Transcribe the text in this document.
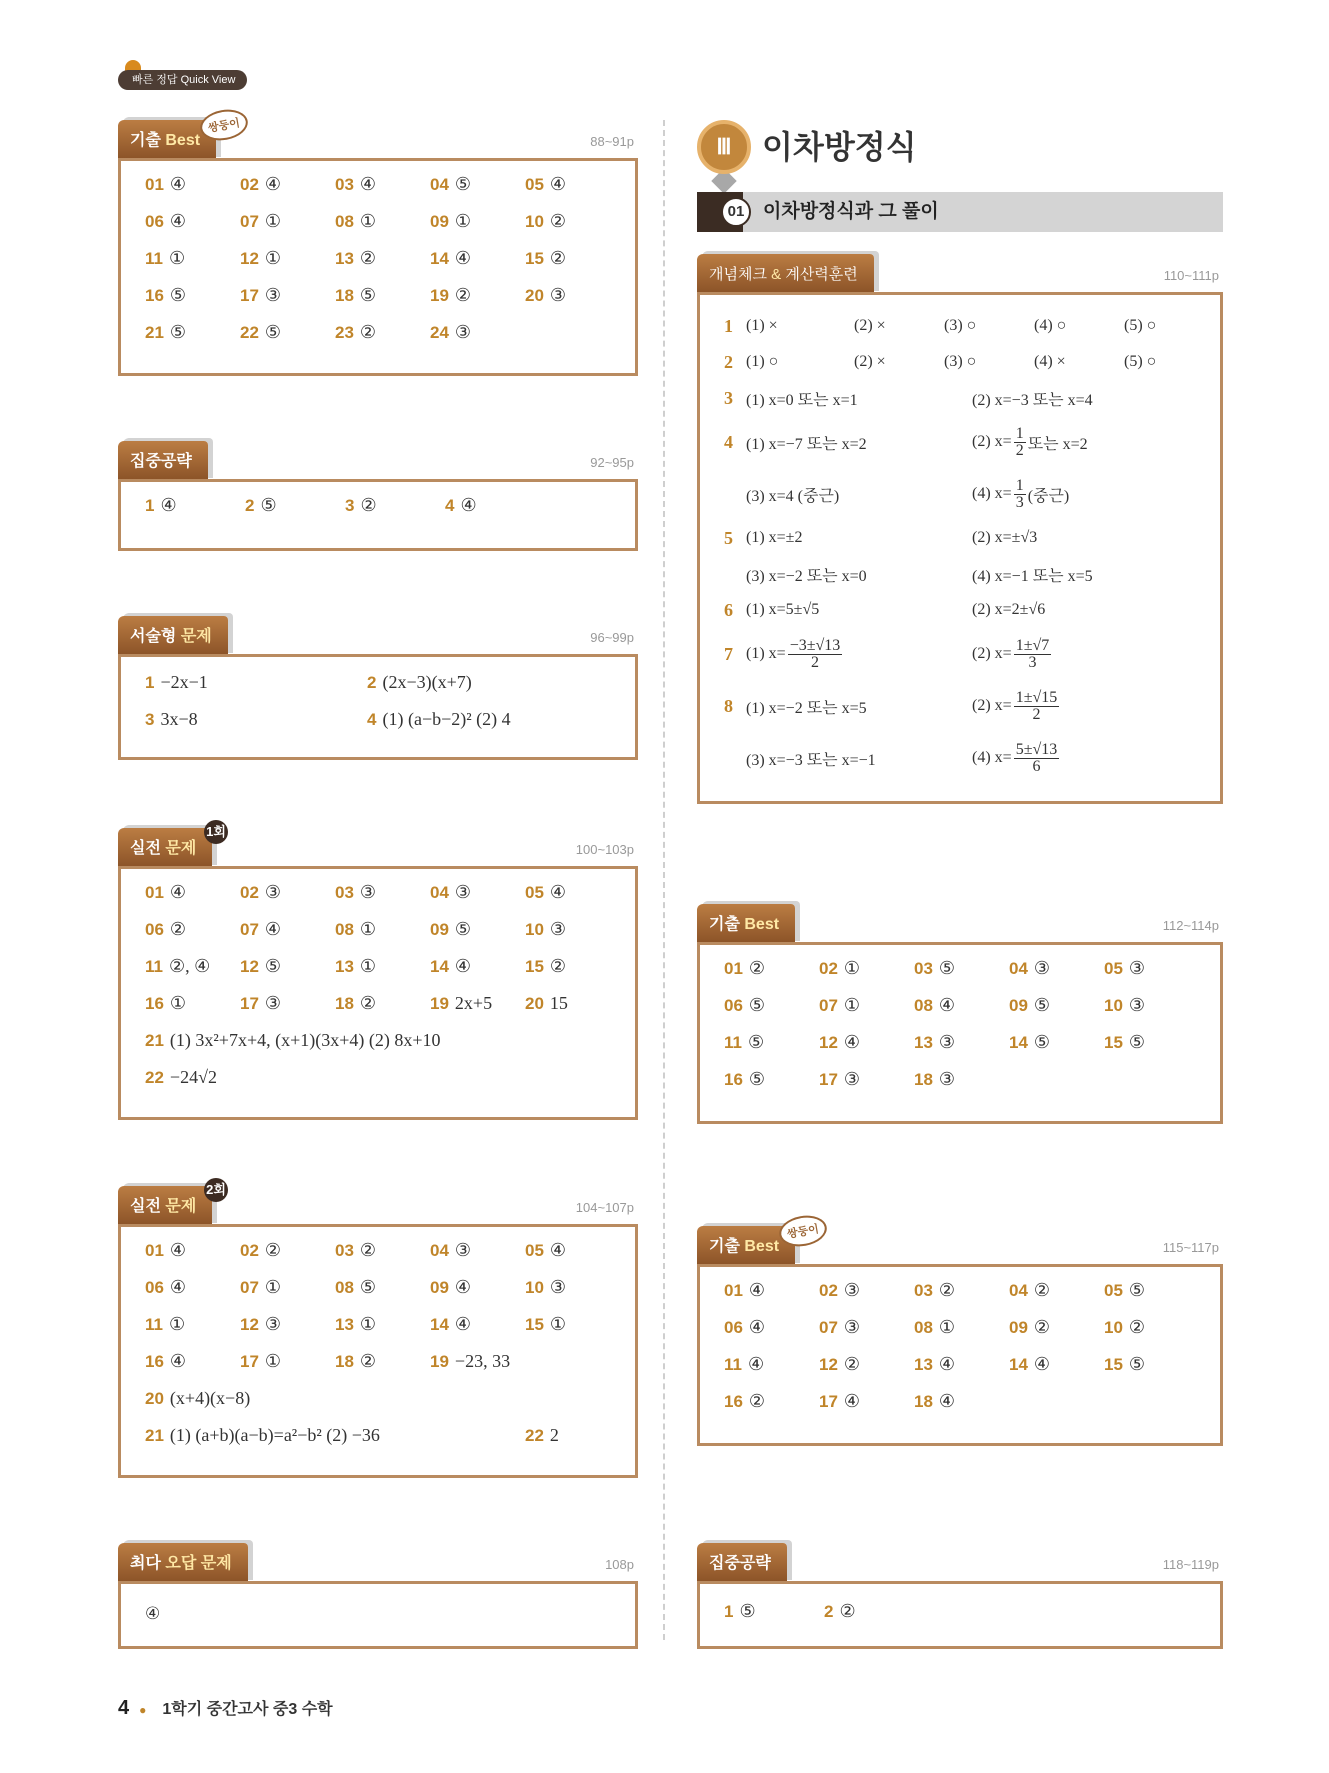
빠른 정답 Quick View
기출 Best
쌍둥이
88~91p
01 ④	02 ④	03 ④	04 ⑤	05 ④
06 ④	07 ①	08 ①	09 ①	10 ②
11 ①	12 ①	13 ②	14 ④	15 ②
16 ⑤	17 ③	18 ⑤	19 ②	20 ③
21 ⑤	22 ⑤	23 ②	24 ③
집중공략	92~95p
1 ④	2 ⑤	3 ②	4 ④
서술형 문제	96~99p
1 −2x−1	2 (2x−3)(x+7)
3 3x−8	4 (1) (a−b−2)² (2) 4
실전 문제
1회
100~103p
01 ④	02 ③	03 ③	04 ③	05 ④
06 ②	07 ④	08 ①	09 ⑤	10 ③
11 ②, ④	12 ⑤	13 ①	14 ④	15 ②
16 ①	17 ③	18 ②	19 2x+5	20 15
21 (1) 3x²+7x+4, (x+1)(3x+4) (2) 8x+10
22 −24√2
실전 문제
2회
104~107p
01 ④	02 ②	03 ②	04 ③	05 ④
06 ④	07 ①	08 ⑤	09 ④	10 ③
11 ①	12 ③	13 ①	14 ④	15 ①
16 ④	17 ①	18 ②	19 −23, 33
20 (x+4)(x−8)
21 (1) (a+b)(a−b)=a²−b² (2) −36	22 2
최다 오답 문제	108p
④
Ⅲ 이차방정식
01 이차방정식과 그 풀이
개념체크 & 계산력훈련	110~111p
1 (1) ×	(2) ×	(3) ○	(4) ○	(5) ○
2 (1) ○	(2) ×	(3) ○	(4) ×	(5) ○
3 (1) x=0 또는 x=1	(2) x=−3 또는 x=4
4 (1) x=−7 또는 x=2	(2) $x= \frac{1}{2}$ 또는 x=2
(3) x=4 (중근)	(4) $x= \frac{1}{3}$ (중근)
5 (1) x=±2	(2) x=±√3
(3) x=−2 또는 x=0	(4) x=−1 또는 x=5
6 (1) x=5±√5	(2) x=2±√6
7 (1) $x= \frac{-3\pm√13}{2}$	(2) $x= \frac{1\pm√7}{3}$
8 (1) x=−2 또는 x=5	(2) $x= \frac{1\pm√15}{2}$
(3) x=−3 또는 x=−1	(4) $x= \frac{5\pm√13}{6}$
기출 Best	112~114p
01 ②	02 ①	03 ⑤	04 ③	05 ③
06 ⑤	07 ①	08 ④	09 ⑤	10 ③
11 ⑤	12 ④	13 ③	14 ⑤	15 ⑤
16 ⑤	17 ③	18 ③
기출 Best
쌍둥이
115~117p
01 ④	02 ③	03 ②	04 ②	05 ⑤
06 ④	07 ③	08 ①	09 ②	10 ②
11 ④	12 ②	13 ④	14 ④	15 ⑤
16 ②	17 ④	18 ④
집중공략	118~119p
1 ⑤	2 ②
4 ● 1학기 중간고사 중3 수학
